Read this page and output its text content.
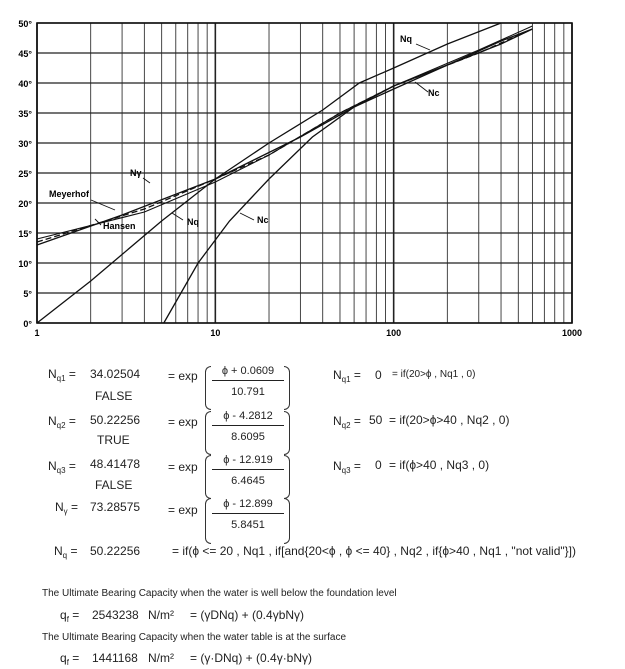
0°
5°
10°
15°
20°
25°
30°
35°
40°
45°
50°
1	10	100	1000
Nq
Nc
Nγ
Meyerhof
Hansen	Nq	Nc
$N_{q1} = 34.02504$
FALSE
= $\exp \frac{\phi + 0.0609}{10.791}$
$N_{q2} = 50.22256$
TRUE
= $\exp \frac{\phi - 4.2812}{8.6095}$
$N_{q3} = 48.41478$
FALSE
= $\exp \frac{\phi - 12.919}{6.4645}$
$N_\gamma = 73.28575 = \exp \frac{\phi - 12.899}{5.8451}$
$N_{q1} = 0 = if(20>\phi$ , Nq1 , 0)
$N_{q2} = 50 = if(20>\phi>40$ , Nq2 , 0)
$N_{q3} = 0 = if(\phi>40$ , Nq3 , 0)
$N_q = 50.22256$	= if(ϕ <= 20 , Nq1 , if[and{20<ϕ , ϕ <= 40} , Nq2 , if{ϕ>40 , Nq1 , "not valid"}])
The Ultimate Bearing Capacity when the water is well below the foundation level
$q_f = 2543238$ N/m² = (γDNq) + (0.4γbNγ)
The Ultimate Bearing Capacity when the water table is at the surface
$q_f = 1441168$ N/m² = (γ·DNq) + (0.4γ·bNγ)
